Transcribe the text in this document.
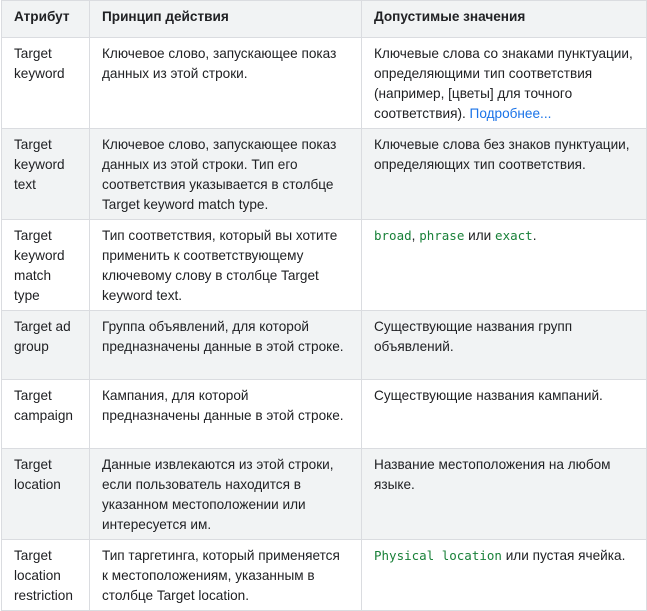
Атрибут	Принцип действия	Допустимые значения
Target keyword	Ключевое слово, запускающее показ данных из этой строки.	Ключевые слова со знаками пунктуации, определяющими тип соответствия (например, [цветы] для точного соответствия). Подробнее...
Target keyword text	Ключевое слово, запускающее показ данных из этой строки. Тип его соответствия указывается в столбце Target keyword match type.	Ключевые слова без знаков пунктуации, определяющих тип соответствия.
Target keyword match type	Тип соответствия, который вы хотите применить к соответствующему ключевому слову в столбце Target keyword text.	broad, phrase или exact.
Target ad group	Группа объявлений, для которой предназначены данные в этой строке.	Существующие названия групп объявлений.
Target campaign	Кампания, для которой предназначены данные в этой строке.	Существующие названия кампаний.
Target location	Данные извлекаются из этой строки, если пользователь находится в указанном местоположении или интересуется им.	Название местоположения на любом языке.
Target location restriction	Тип таргетинга, который применяется к местоположениям, указанным в столбце Target location.	Physical location или пустая ячейка.
